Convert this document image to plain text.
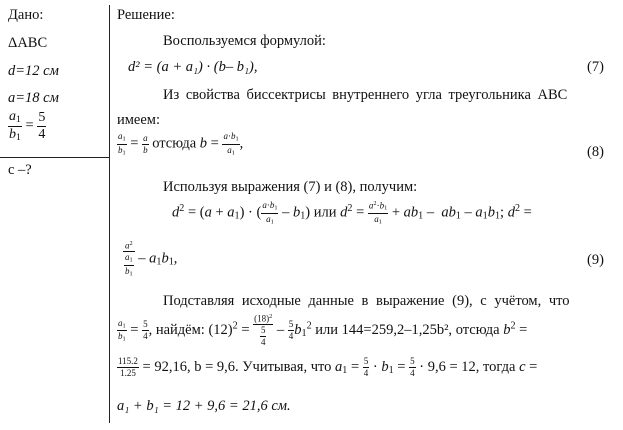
Дано:
ΔABC
d=12 см
a=18 см
$\frac{a_1}{b_1} = \frac{5}{4}$
c –?
Решение:
Воспользуемся формулой:
d² = (a + a₁) · (b– b₁),	(7)
Из свойства биссектрисы внутреннего угла треугольника ABC
имеем:
$\frac{a_1}{b_1} = \frac{a}{b}$ отсюда $b = \frac{a\cdot b_1}{a_1}$ ,
(8)
Используя выражения (7) и (8), получим:
$d^2 = (a + a_1)$ · ( $\frac{a\cdot b_1}{a_1} - b_1$) или $d^2 = \frac{a^2\cdot b_1}{a_1} + ab_1 - ab_1 - a_1b_1$; $d^2$ =
$\frac{a^2}{\frac{a_1}{b_1}} - a_1b_1$,	(9)
Подставляя исходные данные в выражение (9), с учётом, что
$\frac{a_1}{b_1} = \frac{5}{4}$ , найдём: $(12)^2 = \frac{(18)^2}{\frac{5}{4}} - \frac{5}{4} b_1^2$ или 144=259,2–1,25b², отсюда $b^2$ =
$\frac{115.2}{1.25} = 92,16$, b = 9,6. Учитывая, что $a_1 = \frac{5}{4} \cdot b_1 = \frac{5}{4} \cdot 9,6 = 12$, тогда c =
a₁ + b₁ = 12 + 9,6 = 21,6 см.
